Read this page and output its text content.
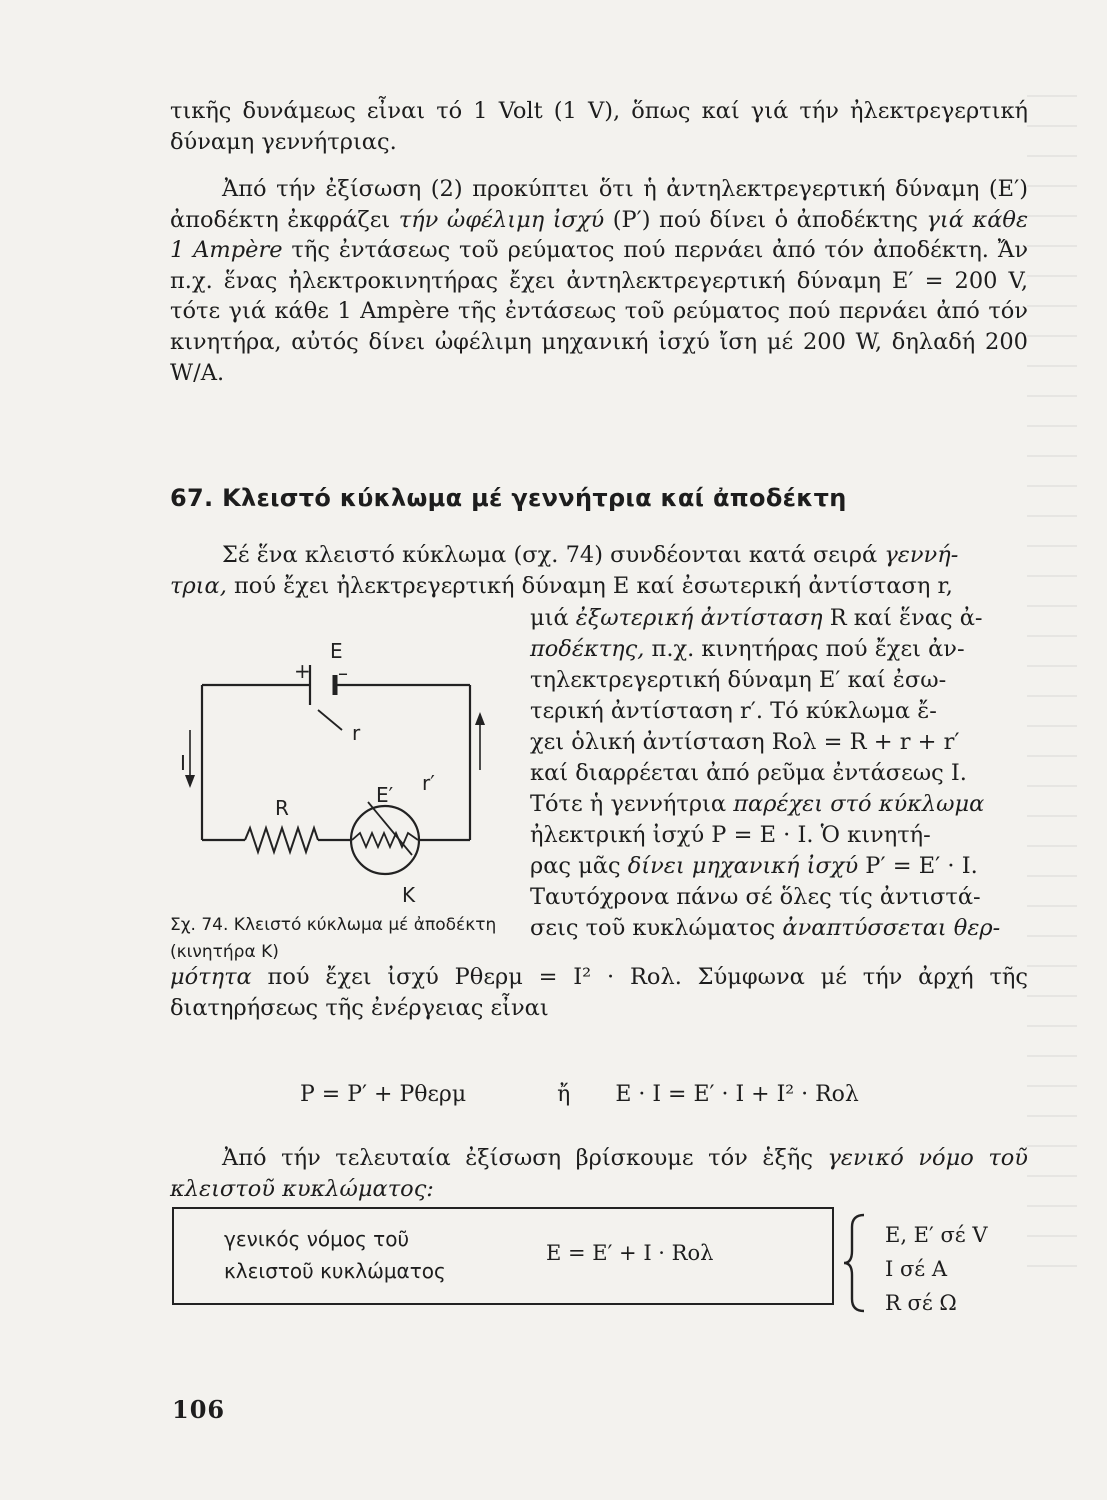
τικῆς δυνάμεως εἶναι τό 1 Volt (1 V), ὅπως καί γιά τήν ἠλεκτρεγερτική δύναμη γεννήτριας.

Ἀπό τήν ἐξίσωση (2) προκύπτει ὅτι ἡ ἀντηλεκτρεγερτική δύναμη (Ε′) ἀποδέκτη ἐκφράζει τήν ὠφέλιμη ἰσχύ (P′) πού δίνει ὁ ἀποδέκτης γιά κάθε 1 Ampère τῆς ἐντάσεως τοῦ ρεύματος πού περνάει ἀπό τόν ἀποδέκτη. Ἄν π.χ. ἕνας ἠλεκτροκινητήρας ἔχει ἀντηλεκτρεγερτική δύναμη Ε′ = 200 V, τότε γιά κάθε 1 Ampère τῆς ἐντάσεως τοῦ ρεύματος πού περνάει ἀπό τόν κινητήρα, αὐτός δίνει ὠφέλιμη μηχανική ἰσχύ ἴση μέ 200 W, δηλαδή 200 W/A.

67. Κλειστό κύκλωμα μέ γεννήτρια καί ἀποδέκτη

Σέ ἕνα κλειστό κύκλωμα (σχ. 74) συνδέονται κατά σειρά γεννή-

τρια, πού ἔχει ἠλεκτρεγερτική δύναμη Ε καί ἐσωτερική ἀντίσταση r,

μιά ἐξωτερική ἀντίσταση R καί ἕνας ἀ-
ποδέκτης, π.χ. κινητήρας πού ἔχει ἀν-
τηλεκτρεγερτική δύναμη Ε′ καί ἐσω-
τερική ἀντίσταση r′. Τό κύκλωμα ἔ-
χει ὁλική ἀντίσταση Rολ = R + r + r′
καί διαρρέεται ἀπό ρεῦμα ἐντάσεως I.
Τότε ἡ γεννήτρια παρέχει στό κύκλωμα
ἠλεκτρική ἰσχύ P = E · I. Ὁ κινητή-
ρας μᾶς δίνει μηχανική ἰσχύ P′ = E′ · I.
Ταυτόχρονα πάνω σέ ὅλες τίς ἀντιστά-
σεις τοῦ κυκλώματος ἀναπτύσσεται θερ-

μότητα πού ἔχει ἰσχύ Pθερμ = I² · Rολ. Σύμφωνα μέ τήν ἀρχή τῆς διατηρήσεως τῆς ἐνέργειας εἶναι

+
E
–
r
I
R
E′ r′
K
Σχ. 74. Κλειστό κύκλωμα μέ ἀποδέκτη (κινητήρα Κ)
P = P′ + Pθερμ	ἤ E · I = E′ · I + I² · Rολ

Ἀπό τήν τελευταία ἐξίσωση βρίσκουμε τόν ἑξῆς γενικό νόμο τοῦ κλειστοῦ κυκλώματος:

γενικός νόμος τοῦ
κλειστοῦ κυκλώματος
E = E′ + I · Rολ
E, E′ σέ V
I σέ A
R σέ Ω
106
